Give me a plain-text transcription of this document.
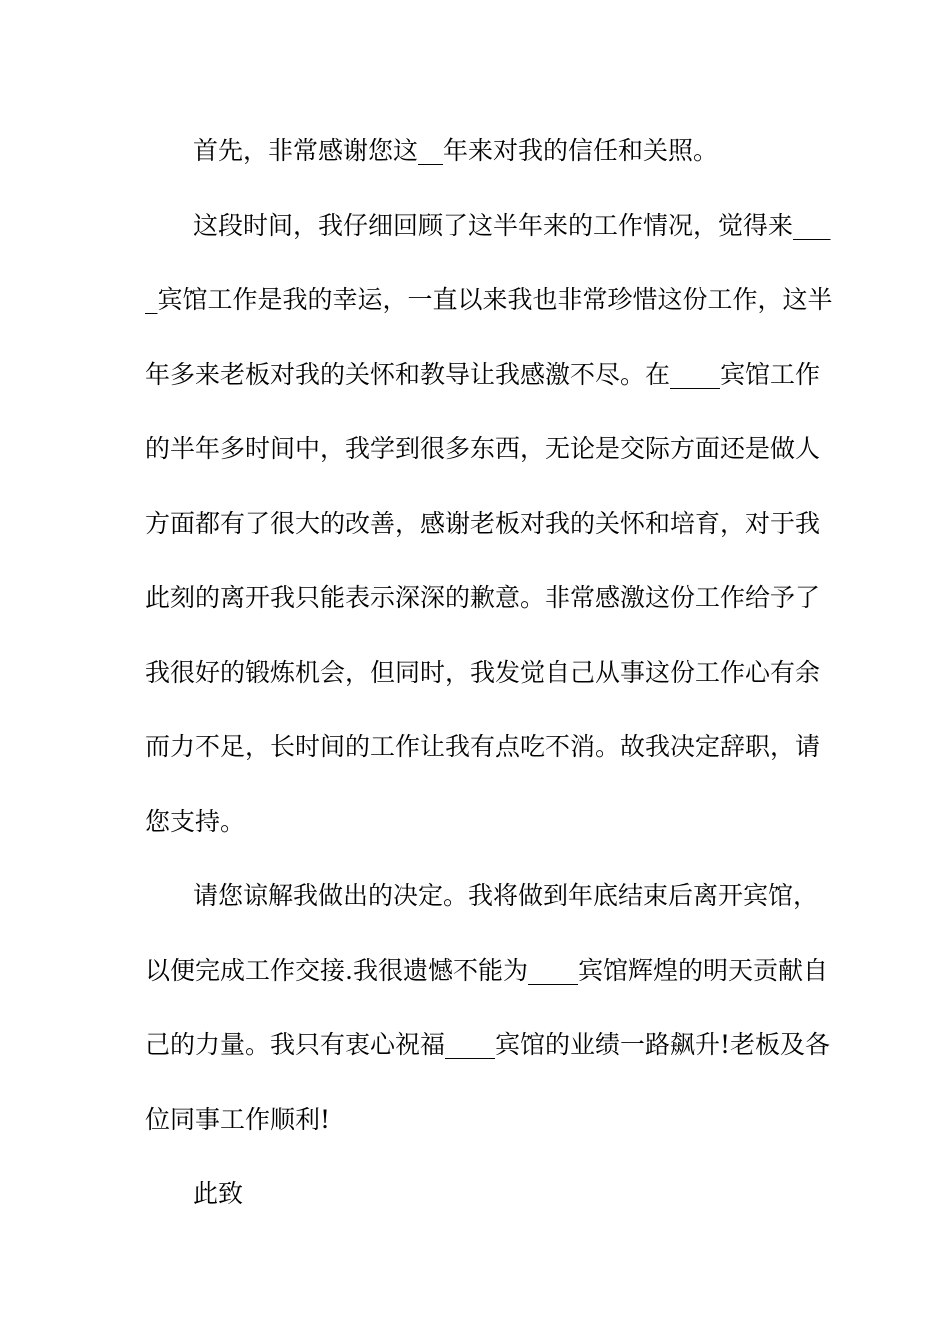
首先，非常感谢您这__年来对我的信任和关照。
这段时间，我仔细回顾了这半年来的工作情况，觉得来___
_宾馆工作是我的幸运，一直以来我也非常珍惜这份工作，这半
年多来老板对我的关怀和教导让我感激不尽。在____宾馆工作
的半年多时间中，我学到很多东西，无论是交际方面还是做人
方面都有了很大的改善，感谢老板对我的关怀和培育，对于我
此刻的离开我只能表示深深的歉意。非常感激这份工作给予了
我很好的锻炼机会，但同时，我发觉自己从事这份工作心有余
而力不足，长时间的工作让我有点吃不消。故我决定辞职，请
您支持。
请您谅解我做出的决定。我将做到年底结束后离开宾馆，
以便完成工作交接.我很遗憾不能为____宾馆辉煌的明天贡献自
己的力量。我只有衷心祝福____宾馆的业绩一路飙升!老板及各
位同事工作顺利!
此致
